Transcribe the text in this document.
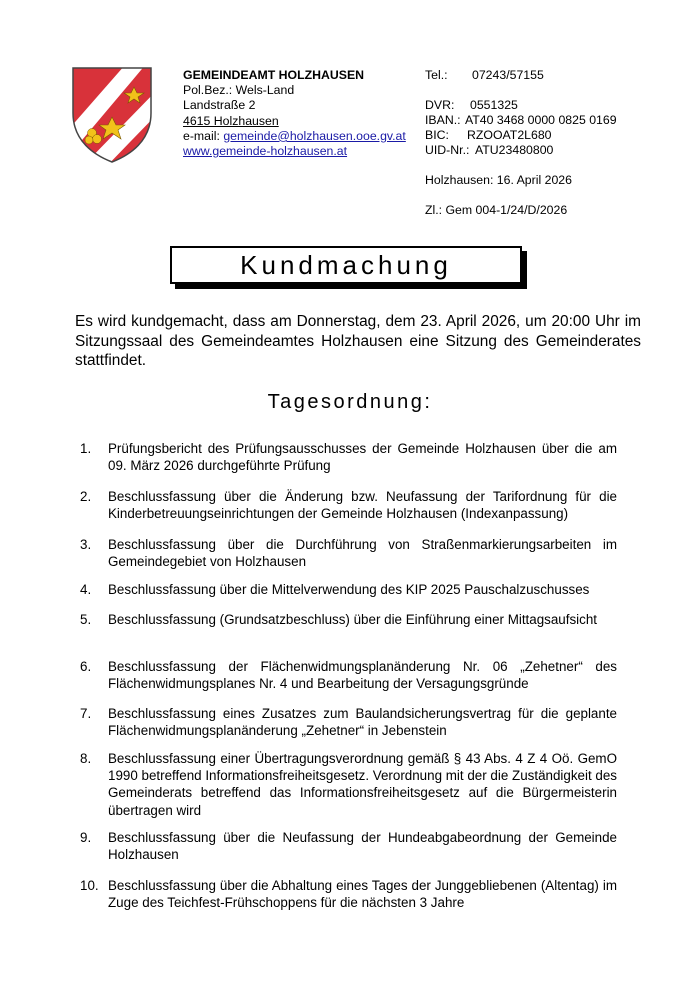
GEMEINDEAMT HOLZHAUSEN
Pol.Bez.: Wels-Land
Landstraße 2
4615 Holzhausen
e-mail: gemeinde@holzhausen.ooe.gv.at
www.gemeinde-holzhausen.at
Tel.: 07243/57155
DVR: 0551325
IBAN.: AT40 3468 0000 0825 0169
BIC: RZOOAT2L680
UID-Nr.: ATU23480800
Holzhausen: 16. April 2026
Zl.: Gem 004-1/24/D/2026
Kundmachung
Es wird kundgemacht, dass am Donnerstag, dem 23. April 2026, um 20:00 Uhr im Sitzungssaal des Gemeindeamtes Holzhausen eine Sitzung des Gemeinderates stattfindet.
Tagesordnung:
1.	Prüfungsbericht des Prüfungsausschusses der Gemeinde Holzhausen über die am 09. März 2026 durchgeführte Prüfung
2.	Beschlussfassung über die Änderung bzw. Neufassung der Tarifordnung für die Kinderbetreuungseinrichtungen der Gemeinde Holzhausen (Indexanpassung)
3.	Beschlussfassung über die Durchführung von Straßenmarkierungsarbeiten im Gemeindegebiet von Holzhausen
4.	Beschlussfassung über die Mittelverwendung des KIP 2025 Pauschalzuschusses
5.	Beschlussfassung (Grundsatzbeschluss) über die Einführung einer Mittagsaufsicht
6.	Beschlussfassung der Flächenwidmungsplanänderung Nr. 06 „Zehetner“ des Flächenwidmungsplanes Nr. 4 und Bearbeitung der Versagungsgründe
7.	Beschlussfassung eines Zusatzes zum Baulandsicherungsvertrag für die geplante Flächenwidmungsplanänderung „Zehetner“ in Jebenstein
8.	Beschlussfassung einer Übertragungsverordnung gemäß § 43 Abs. 4 Z 4 Oö. GemO 1990 betreffend Informationsfreiheitsgesetz. Verordnung mit der die Zuständigkeit des Gemeinderats betreffend das Informationsfreiheitsgesetz auf die Bürgermeisterin übertragen wird
9.	Beschlussfassung über die Neufassung der Hundeabgabeordnung der Gemeinde Holzhausen
10. Beschlussfassung über die Abhaltung eines Tages der Junggebliebenen (Altentag) im Zuge des Teichfest-Frühschoppens für die nächsten 3 Jahre
